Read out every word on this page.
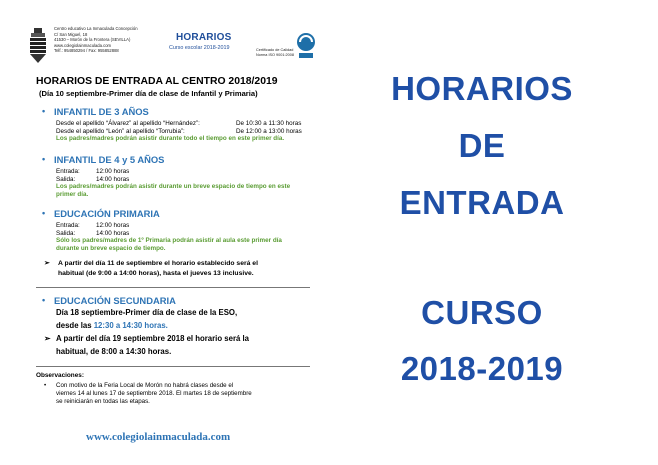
Centro educativo La Inmaculada Concepción
C/ San Miguel, 18
41530 – Morón de la Frontera (SEVILLA)
www.colegiolainmaculada.com
Telf.: 954850294 / Fax: 955852888
HORARIOS
Curso escolar 2018-2019	Certificado de Calidad
Norma ISO 9001:2008
HORARIOS DE ENTRADA AL CENTRO 2018/2019
(Día 10 septiembre-Primer día de clase de Infantil y Primaria)
• INFANTIL DE 3 AÑOS
Desde el apellido “Álvarez” al apellido “Hernández”:	De 10:30 a 11:30 horas
Desde el apellido “León” al apellido “Torrubia”:	De 12:00 a 13:00 horas
Los padres/madres podrán asistir durante todo el tiempo en este primer día.
• INFANTIL DE 4 y 5 AÑOS
Entrada:	12:00 horas
Salida:	14:00 horas
Los padres/madres podrán asistir durante un breve espacio de tiempo en este
primer día.
• EDUCACIÓN PRIMARIA
Entrada:	12:00 horas
Salida:	14:00 horas
Sólo los padres/madres de 1º Primaria podrán asistir al aula este primer día
durante un breve espacio de tiempo.
➢ A partir del día 11 de septiembre el horario establecido será el
habitual (de 9:00 a 14:00 horas), hasta el jueves 13 inclusive.
• EDUCACIÓN SECUNDARIA
Día 18 septiembre-Primer día de clase de la ESO,
desde las 12:30 a 14:30 horas.
➢ A partir del día 19 septiembre 2018 el horario será la
habitual, de 8:00 a 14:30 horas.
Observaciones:
• Con motivo de la Feria Local de Morón no habrá clases desde el
viernes 14 al lunes 17 de septiembre 2018. El martes 18 de septiembre
se reiniciarán en todas las etapas.
www.colegiolainmaculada.com
HORARIOS
DE
ENTRADA
CURSO
2018-2019
